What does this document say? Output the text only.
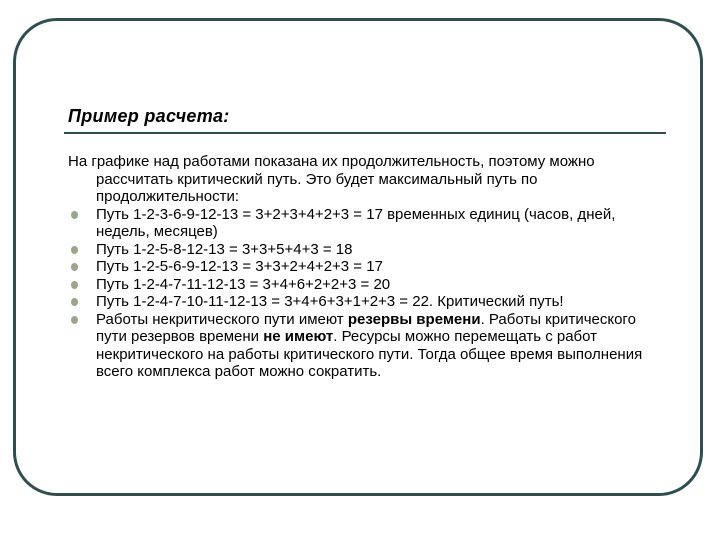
Пример расчета:

На графике над работами показана их продолжительность, поэтому можно рассчитать критический путь. Это будет максимальный путь по продолжительности:

Путь 1-2-3-6-9-12-13 = 3+2+3+4+2+3 = 17 временных единиц (часов, дней, недель, месяцев)
Путь 1-2-5-8-12-13 = 3+3+5+4+3 = 18
Путь 1-2-5-6-9-12-13 = 3+3+2+4+2+3 = 17
Путь 1-2-4-7-11-12-13 = 3+4+6+2+2+3 = 20
Путь 1-2-4-7-10-11-12-13 = 3+4+6+3+1+2+3 = 22. Критический путь!
Работы некритического пути имеют резервы времени. Работы критического пути резервов времени не имеют. Ресурсы можно перемещать с работ некритического на работы критического пути. Тогда общее время выполнения всего комплекса работ можно сократить.
